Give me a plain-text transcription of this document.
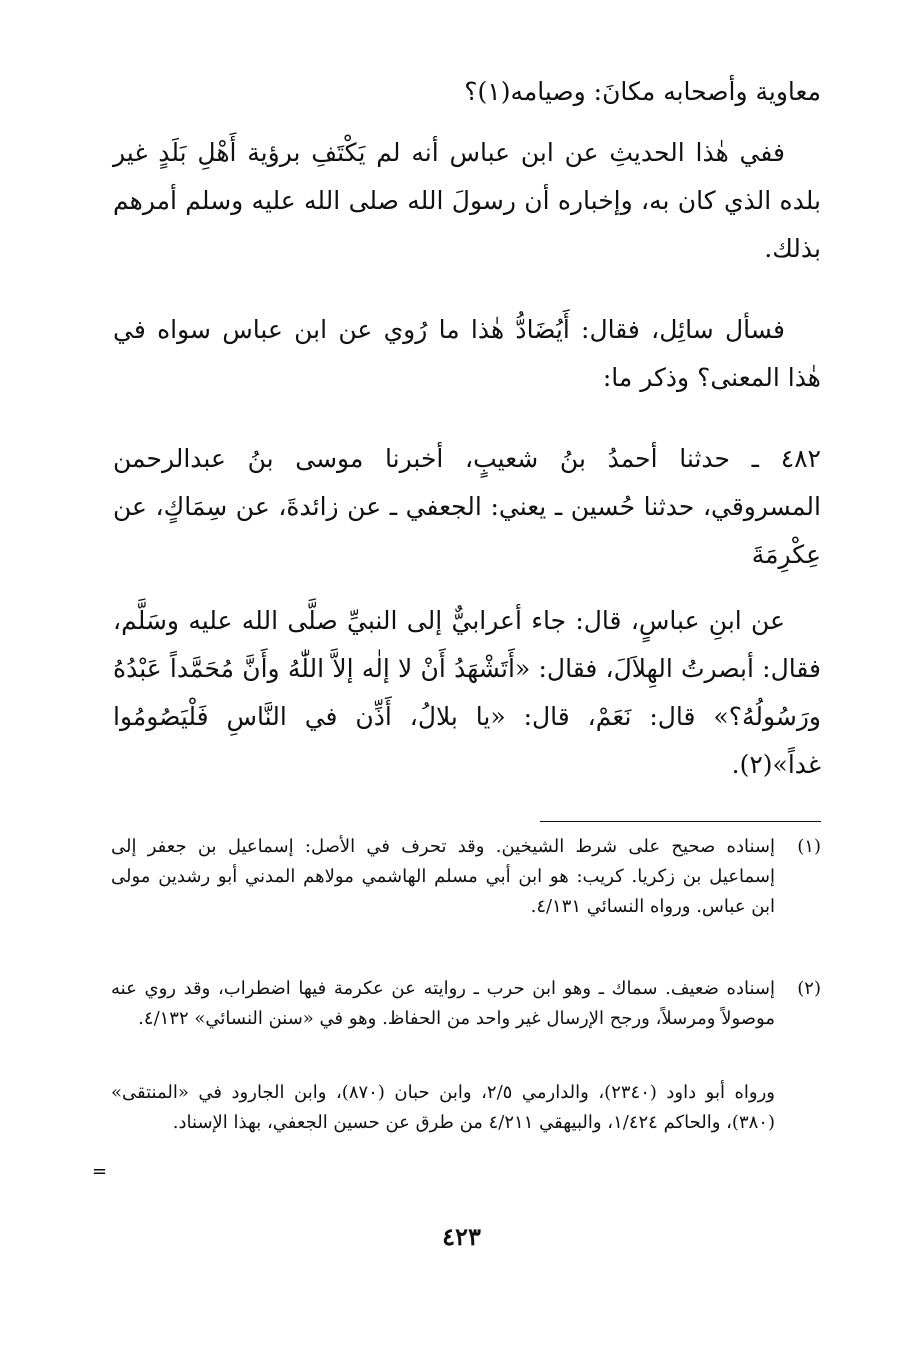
معاوية وأصحابه مكانَ: وصيامه(١)؟

ففي هٰذا الحديثِ عن ابن عباس أنه لم يَكْتَفِ برؤية أَهْلِ بَلَدٍ غير بلده الذي كان به، وإخباره أن رسولَ الله صلى الله عليه وسلم أمرهم بذلك.

فسأل سائِل، فقال: أَيُضَادُّ هٰذا ما رُوي عن ابن عباس سواه في هٰذا المعنى؟ وذكر ما:

٤٨٢ ـ حدثنا أحمدُ بنُ شعيبٍ، أخبرنا موسى بنُ عبدالرحمن المسروقي، حدثنا حُسين ـ يعني: الجعفي ـ عن زائدةَ، عن سِمَاكٍ، عن عِكْرِمَةَ

عن ابنِ عباسٍ، قال: جاء أعرابيٌّ إلى النبيِّ صلَّى الله عليه وسَلَّم، فقال: أبصرتُ الهِلاَلَ، فقال: «أَتَشْهَدُ أَنْ لا إلٰه إلاَّ اللّٰهُ وأَنَّ مُحَمَّداً عَبْدُهُ ورَسُولُهُ؟» قال: نَعَمْ، قال: «يا بلالُ، أَذِّن في النَّاسِ فَلْيَصُومُوا غداً»(٢).

(١)
إسناده صحيح على شرط الشيخين. وقد تحرف في الأصل: إسماعيل بن جعفر إلى إسماعيل بن زكريا. كريب: هو ابن أبي مسلم الهاشمي مولاهم المدني أبو رشدين مولى ابن عباس. ورواه النسائي ٤/١٣١.
(٢)
إسناده ضعيف. سماك ـ وهو ابن حرب ـ روايته عن عكرمة فيها اضطراب، وقد روي عنه موصولاً ومرسلاً، ورجح الإرسال غير واحد من الحفاظ. وهو في «سنن النسائي» ٤/١٣٢.
ورواه أبو داود (٢٣٤٠)، والدارمي ٢/٥، وابن حبان (٨٧٠)، وابن الجارود في «المنتقى» (٣٨٠)، والحاكم ١/٤٢٤، والبيهقي ٤/٢١١ من طرق عن حسين الجعفي، بهذا الإسناد.
=
٤٢٣
